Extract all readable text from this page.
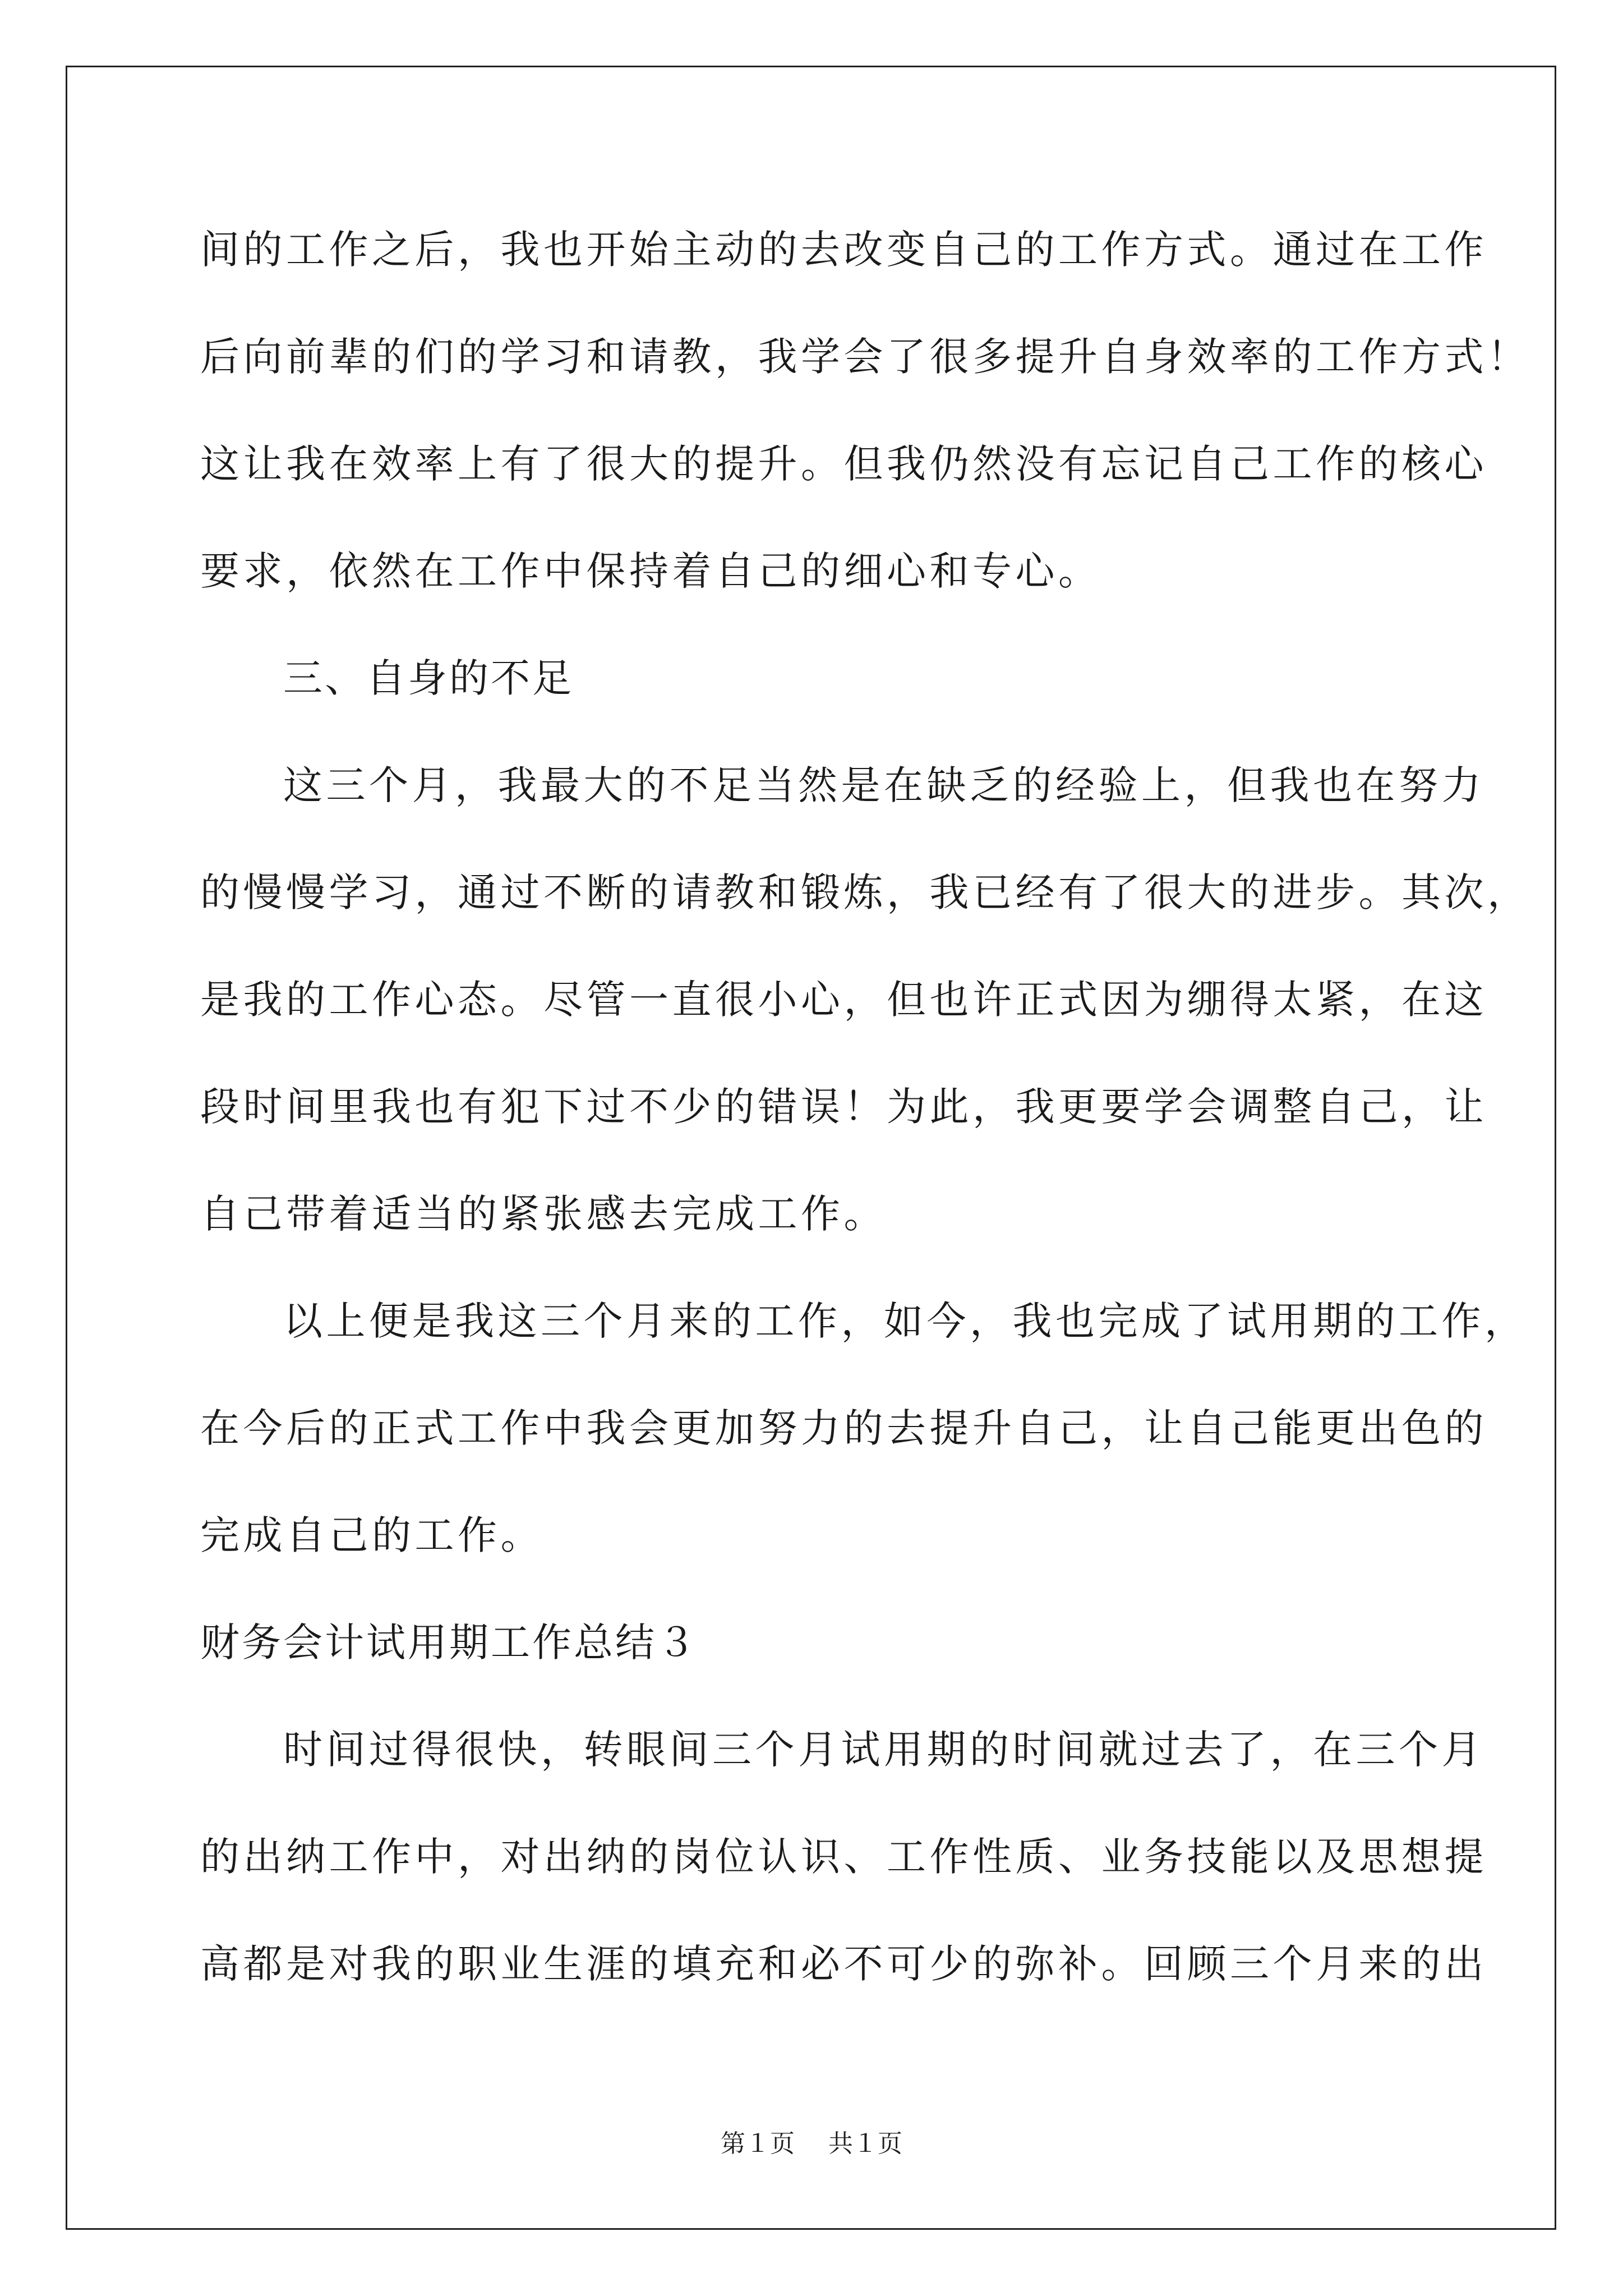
间的工作之后，我也开始主动的去改变自己的工作方式。通过在工作
后向前辈的们的学习和请教，我学会了很多提升自身效率的工作方式！
这让我在效率上有了很大的提升。但我仍然没有忘记自己工作的核心
要求，依然在工作中保持着自己的细心和专心。
三、自身的不足
这三个月，我最大的不足当然是在缺乏的经验上，但我也在努力
的慢慢学习，通过不断的请教和锻炼，我已经有了很大的进步。其次，
是我的工作心态。尽管一直很小心，但也许正式因为绷得太紧，在这
段时间里我也有犯下过不少的错误！为此，我更要学会调整自己，让
自己带着适当的紧张感去完成工作。
以上便是我这三个月来的工作，如今，我也完成了试用期的工作，
在今后的正式工作中我会更加努力的去提升自己，让自己能更出色的
完成自己的工作。
财务会计试用期工作总结３
时间过得很快，转眼间三个月试用期的时间就过去了，在三个月
的出纳工作中，对出纳的岗位认识、工作性质、业务技能以及思想提
高都是对我的职业生涯的填充和必不可少的弥补。回顾三个月来的出
第１页 共１页
